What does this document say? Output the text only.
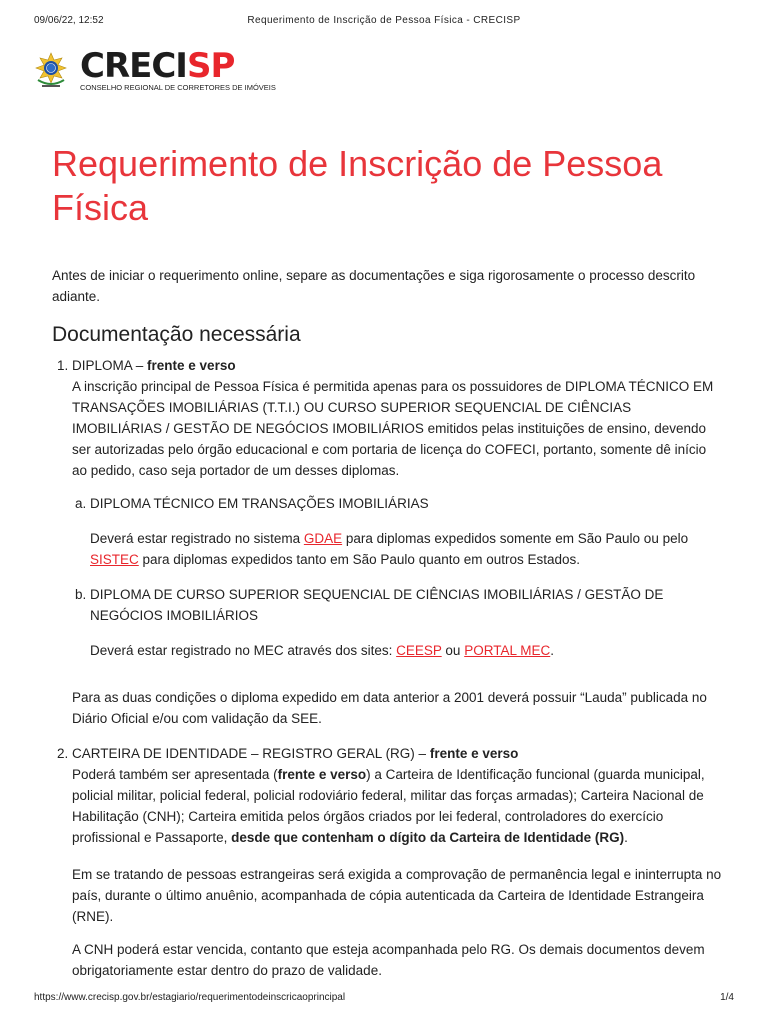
09/06/22, 12:52	Requerimento de Inscrição de Pessoa Física - CRECISP
CRECISP
CONSELHO REGIONAL DE CORRETORES DE IMÓVEIS
Requerimento de Inscrição de Pessoa Física

Antes de iniciar o requerimento online, separe as documentações e siga rigorosamente o processo descrito adiante.

Documentação necessária
1. DIPLOMA – frente e verso
A inscrição principal de Pessoa Física é permitida apenas para os possuidores de DIPLOMA TÉCNICO EM TRANSAÇÕES IMOBILIÁRIAS (T.T.I.) OU CURSO SUPERIOR SEQUENCIAL DE CIÊNCIAS IMOBILIÁRIAS / GESTÃO DE NEGÓCIOS IMOBILIÁRIOS emitidos pelas instituições de ensino, devendo ser autorizadas pelo órgão educacional e com portaria de licença do COFECI, portanto, somente dê início ao pedido, caso seja portador de um desses diplomas.
a. DIPLOMA TÉCNICO EM TRANSAÇÕES IMOBILIÁRIAS
Deverá estar registrado no sistema GDAE para diplomas expedidos somente em São Paulo ou pelo SISTEC para diplomas expedidos tanto em São Paulo quanto em outros Estados.
b. DIPLOMA DE CURSO SUPERIOR SEQUENCIAL DE CIÊNCIAS IMOBILIÁRIAS / GESTÃO DE NEGÓCIOS IMOBILIÁRIOS
Deverá estar registrado no MEC através dos sites: CEESP ou PORTAL MEC.

Para as duas condições o diploma expedido em data anterior a 2001 deverá possuir “Lauda” publicada no Diário Oficial e/ou com validação da SEE.

2. CARTEIRA DE IDENTIDADE – REGISTRO GERAL (RG) – frente e verso
Poderá também ser apresentada (frente e verso) a Carteira de Identificação funcional (guarda municipal, policial militar, policial federal, policial rodoviário federal, militar das forças armadas); Carteira Nacional de Habilitação (CNH); Carteira emitida pelos órgãos criados por lei federal, controladores do exercício profissional e Passaporte, desde que contenham o dígito da Carteira de Identidade (RG).

Em se tratando de pessoas estrangeiras será exigida a comprovação de permanência legal e ininterrupta no país, durante o último anuênio, acompanhada de cópia autenticada da Carteira de Identidade Estrangeira (RNE).

A CNH poderá estar vencida, contanto que esteja acompanhada pelo RG. Os demais documentos devem obrigatoriamente estar dentro do prazo de validade.

https://www.crecisp.gov.br/estagiario/requerimentodeinscricaoprincipal	1/4
